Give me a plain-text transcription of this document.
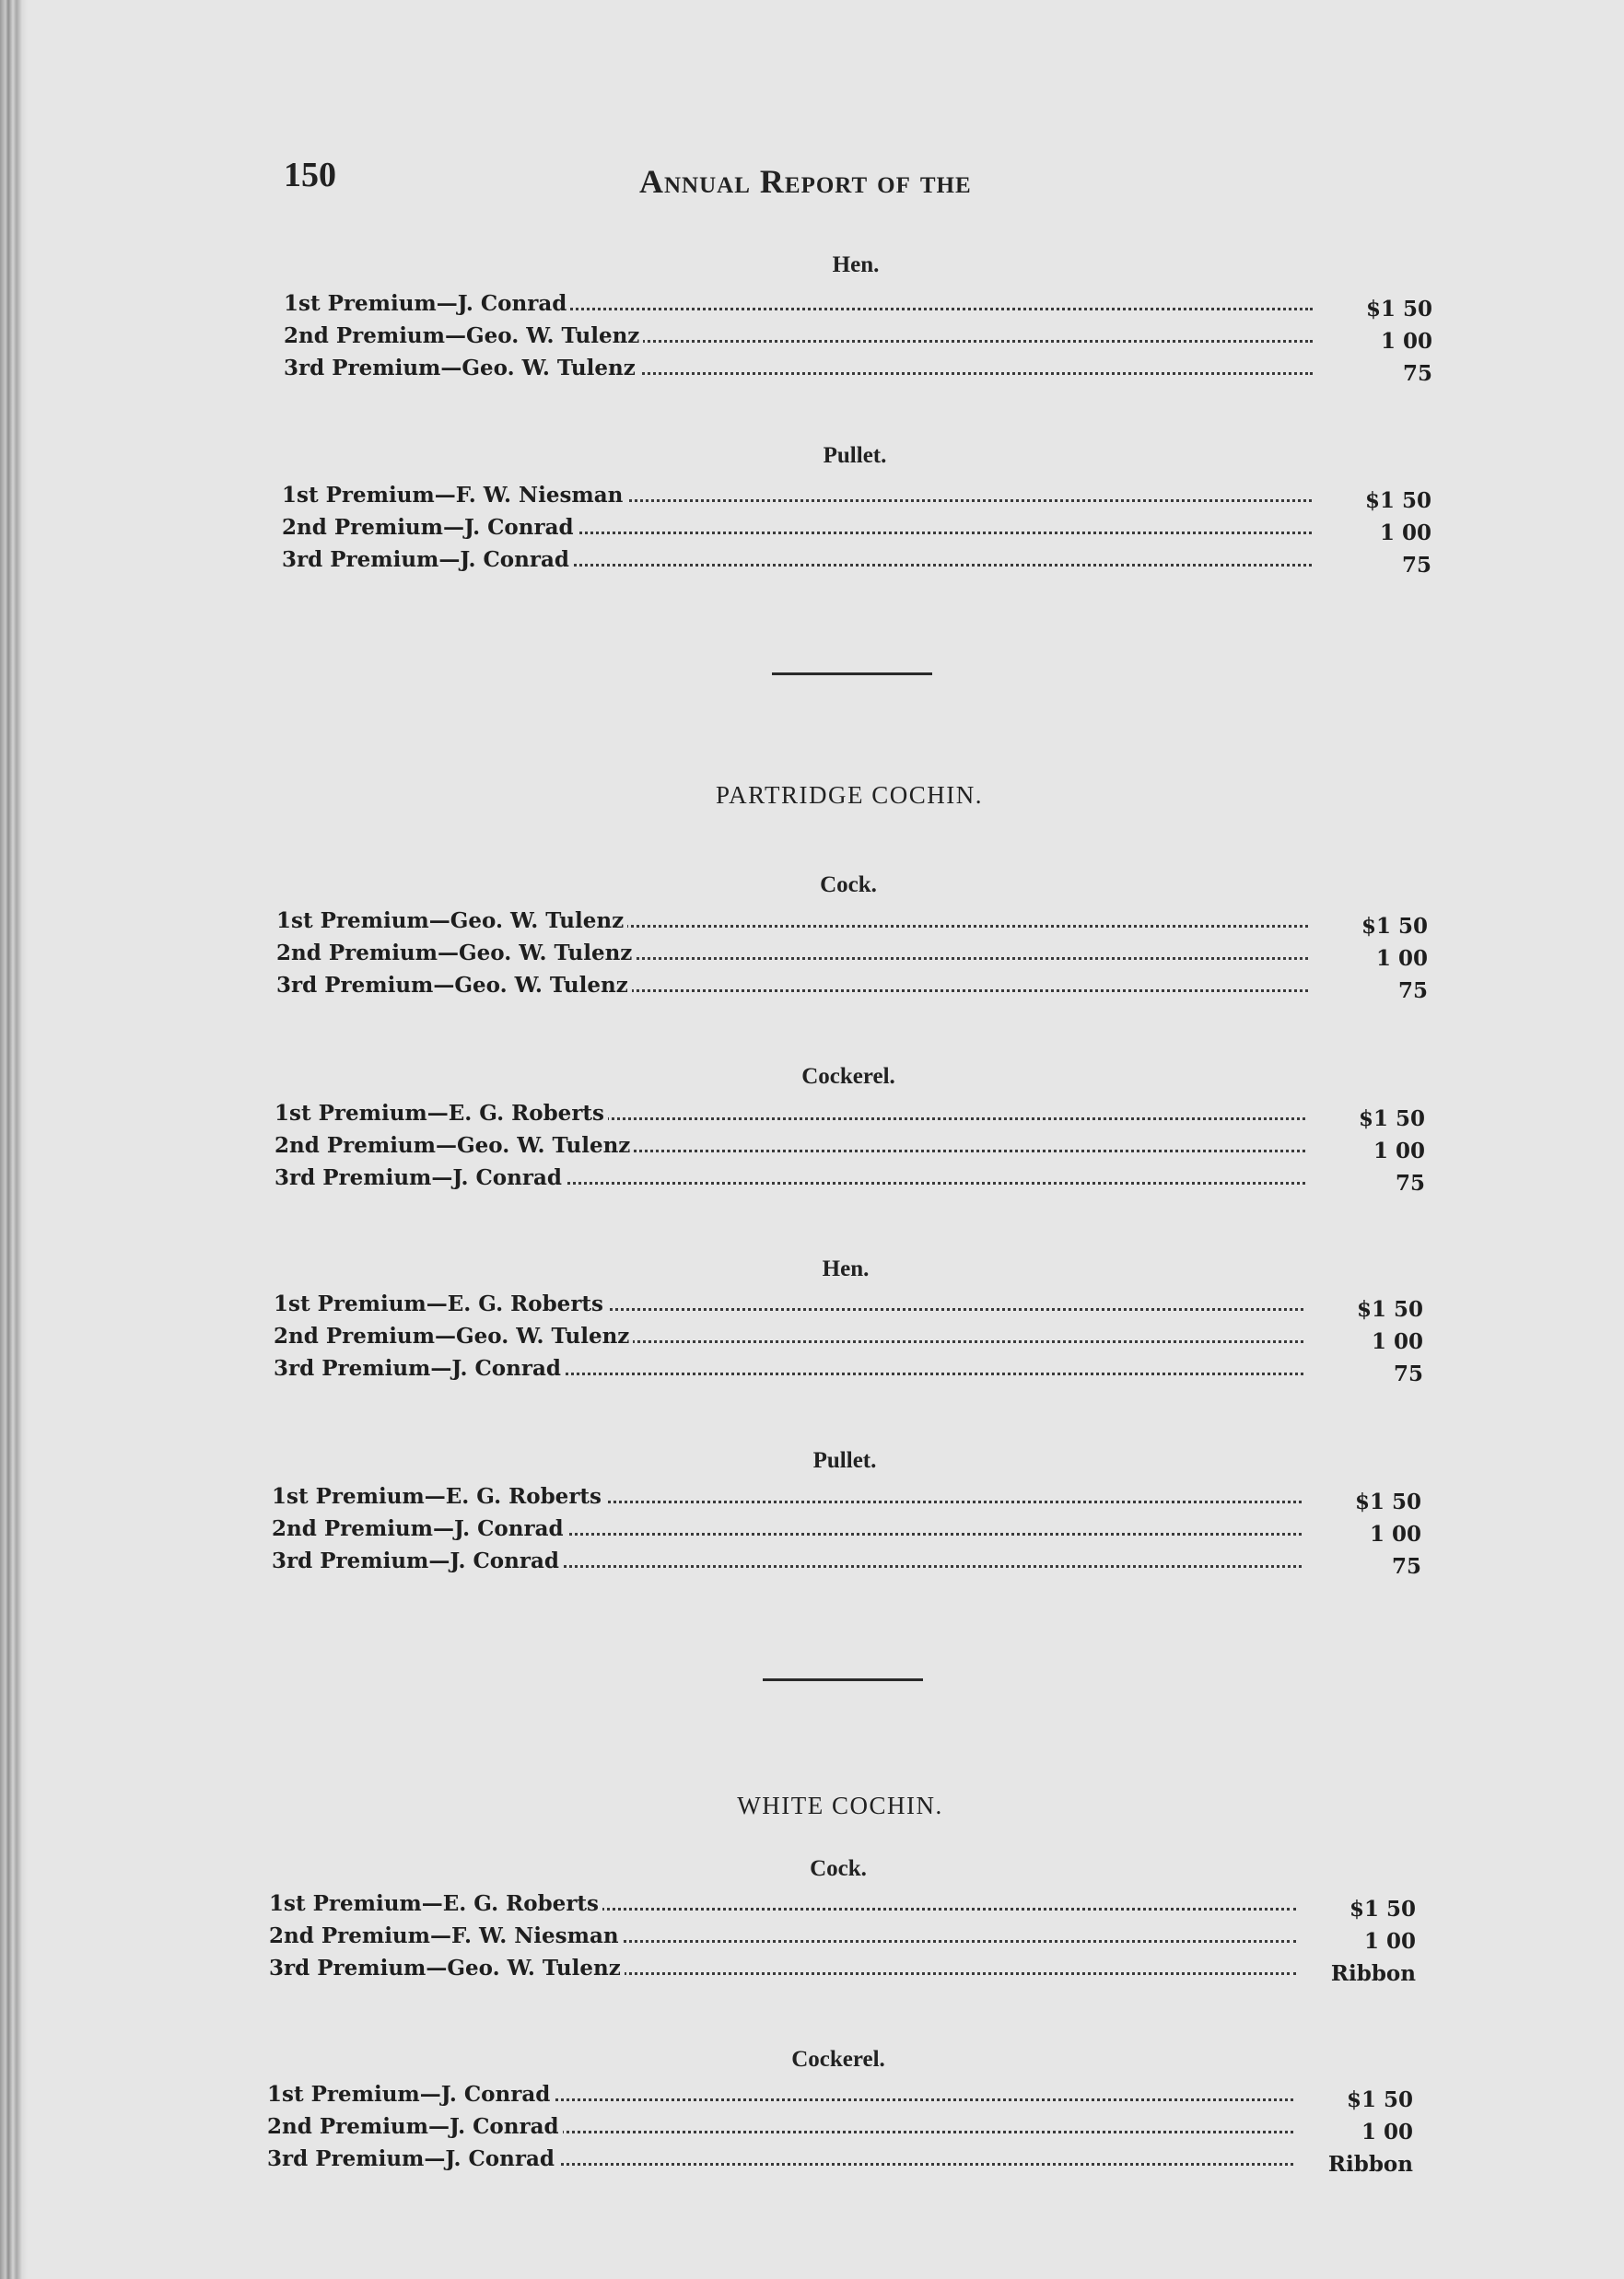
150	Annual Report of the
Hen.
1st Premium—J. Conrad	$1 50
2nd Premium—Geo. W. Tulenz	1 00
3rd Premium—Geo. W. Tulenz	75
Pullet.
1st Premium—F. W. Niesman	$1 50
2nd Premium—J. Conrad	1 00
3rd Premium—J. Conrad	75
PARTRIDGE COCHIN.
Cock.
1st Premium—Geo. W. Tulenz	$1 50
2nd Premium—Geo. W. Tulenz	1 00
3rd Premium—Geo. W. Tulenz	75
Cockerel.
1st Premium—E. G. Roberts	$1 50
2nd Premium—Geo. W. Tulenz	1 00
3rd Premium—J. Conrad	75
Hen.
1st Premium—E. G. Roberts	$1 50
2nd Premium—Geo. W. Tulenz	1 00
3rd Premium—J. Conrad	75
Pullet.
1st Premium—E. G. Roberts	$1 50
2nd Premium—J. Conrad	1 00
3rd Premium—J. Conrad	75
WHITE COCHIN.
Cock.
1st Premium—E. G. Roberts	$1 50
2nd Premium—F. W. Niesman	1 00
3rd Premium—Geo. W. Tulenz	Ribbon
Cockerel.
1st Premium—J. Conrad	$1 50
2nd Premium—J. Conrad	1 00
3rd Premium—J. Conrad	Ribbon
